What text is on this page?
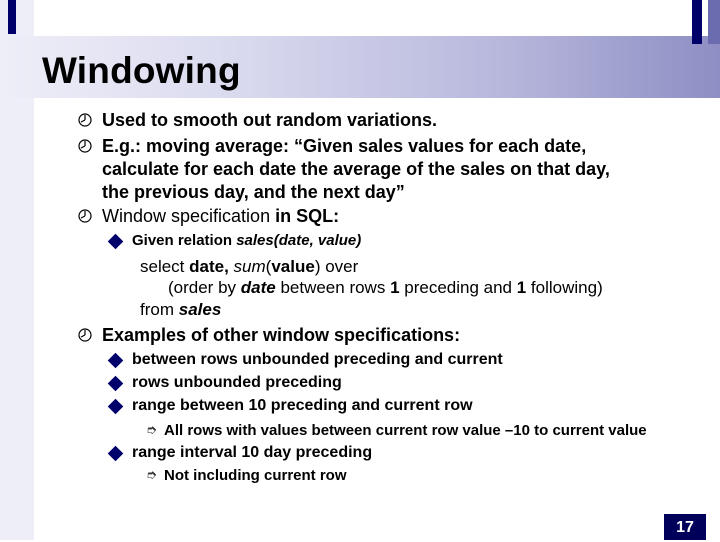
Windowing
Used to smooth out random variations.
E.g.: moving average: “Given sales values for each date,
calculate for each date the average of the sales on that day,
the previous day, and the next day”
Window specification in SQL:
Given relation sales(date, value)
select date, sum(value) over
(order by date between rows 1 preceding and 1 following)
from sales
Examples of other window specifications:
between rows unbounded preceding and current
rows unbounded preceding
range between 10 preceding and current row
➮ All rows with values between current row value –10 to current value
range interval 10 day preceding
➮ Not including current row
17
